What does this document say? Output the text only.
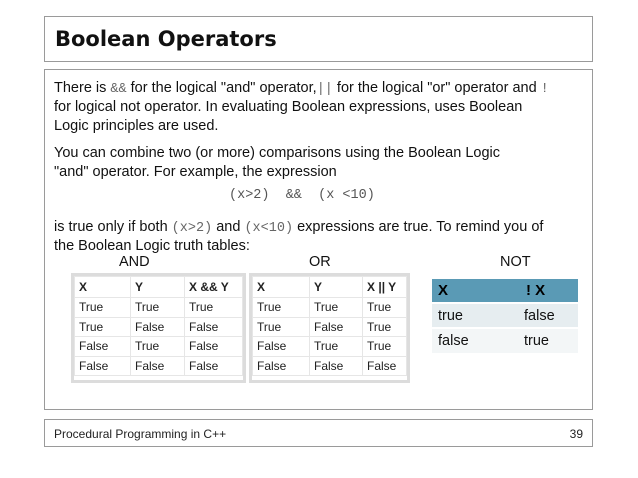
Boolean Operators
There is && for the logical "and" operator,|| for the logical "or" operator and !
for logical not operator. In evaluating Boolean expressions, uses Boolean
Logic principles are used.
You can combine two (or more) comparisons using the Boolean Logic
"and" operator. For example, the expression
(x>2)  &&  (x <10)
is true only if both (x>2) and (x<10) expressions are true. To remind you of
the Boolean Logic truth tables:
AND	OR	NOT
X	Y	X && Y
True	True	True
True	False	False
False	True	False
False	False	False
X	Y	X || Y
True	True	True
True	False	True
False	True	True
False	False	False
X	! X
true	false
false	true
Procedural Programming in C++	39
